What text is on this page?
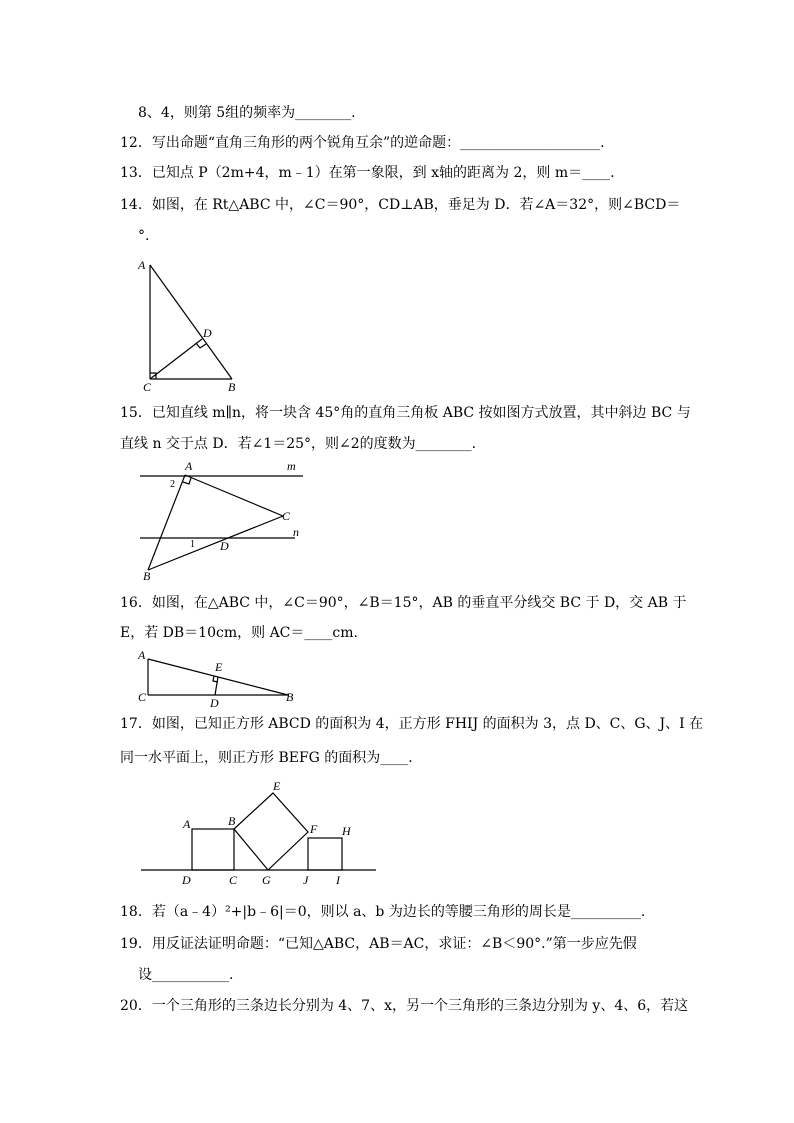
8、4，则第 5组的频率为________.
12．写出命题“直角三角形的两个锐角互余”的逆命题：____________________.
13．已知点 P（2m+4，m﹣1）在第一象限，到 x轴的距离为 2，则 m＝____.
14．如图，在 Rt△ABC 中，∠C＝90°，CD⊥AB，垂足为 D．若∠A＝32°，则∠BCD＝
°.
A
D
C	B
15．已知直线 m∥n，将一块含 45°角的直角三角板 ABC 按如图方式放置，其中斜边 BC 与
直线 n 交于点 D．若∠1＝25°，则∠2的度数为________.
A	m
2
C
n
1 D
B
16．如图，在△ABC 中，∠C＝90°，∠B＝15°，AB 的垂直平分线交 BC 于 D，交 AB 于
E，若 DB＝10cm，则 AC＝____cm.
A
E
C	D	B
17．如图，已知正方形 ABCD 的面积为 4，正方形 FHIJ 的面积为 3，点 D、C、G、J、I 在
同一水平面上，则正方形 BEFG 的面积为____.
E
A	B
F H
D	C G	J I
18．若（a﹣4）²+|b﹣6|＝0，则以 a、b 为边长的等腰三角形的周长是__________.
19．用反证法证明命题：“已知△ABC，AB＝AC，求证：∠B＜90°.”第一步应先假
设___________.
20．一个三角形的三条边长分别为 4、7、x，另一个三角形的三条边分别为 y、4、6，若这
